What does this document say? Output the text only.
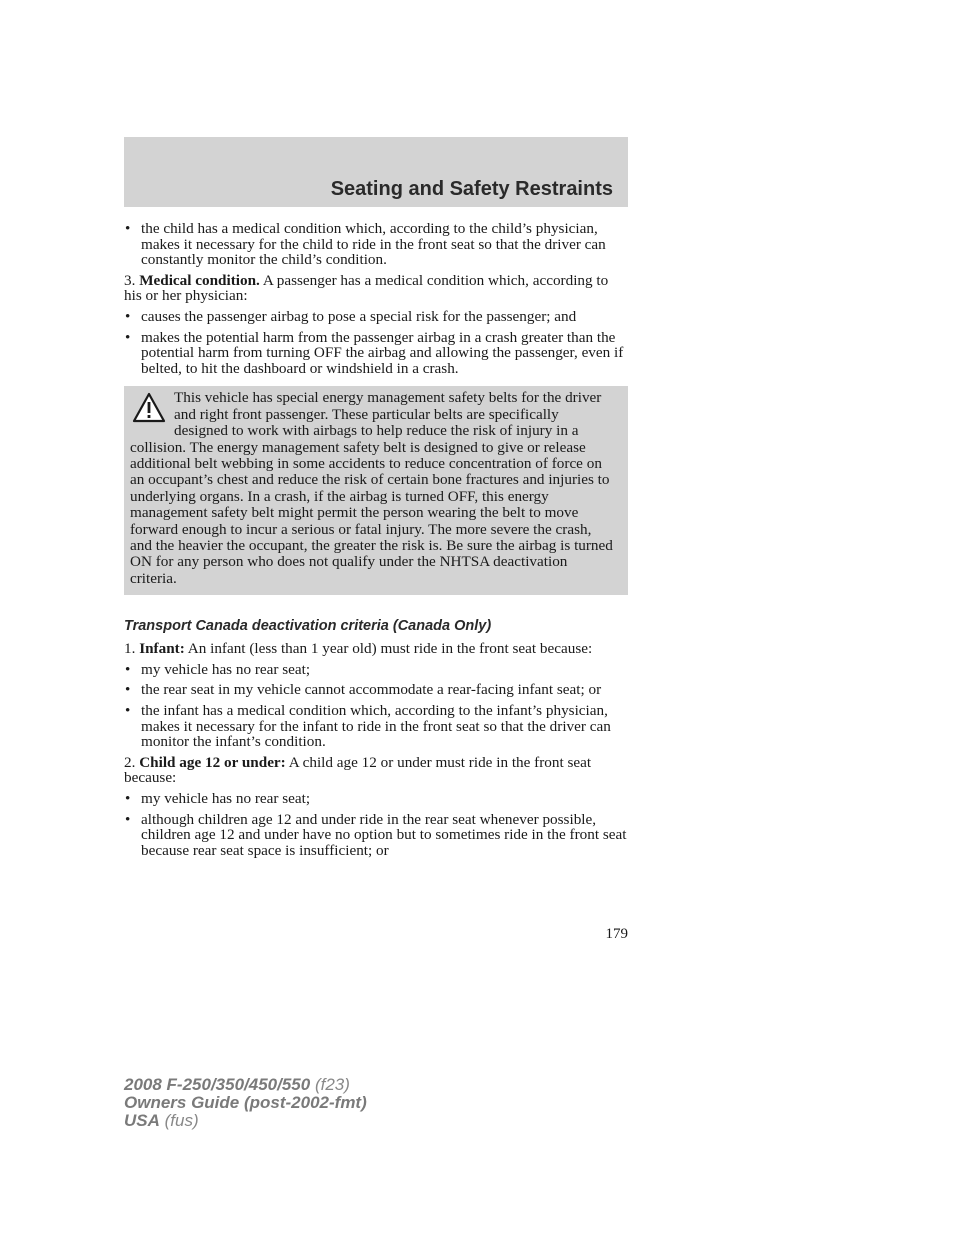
Seating and Safety Restraints
• the child has a medical condition which, according to the child’s physician, makes it necessary for the child to ride in the front seat so that the driver can constantly monitor the child’s condition.
3. Medical condition. A passenger has a medical condition which, according to his or her physician:
• causes the passenger airbag to pose a special risk for the passenger; and
• makes the potential harm from the passenger airbag in a crash greater than the potential harm from turning OFF the airbag and allowing the passenger, even if belted, to hit the dashboard or windshield in a crash.
This vehicle has special energy management safety belts for the driver and right front passenger. These particular belts are specifically designed to work with airbags to help reduce the risk of injury in a collision. The energy management safety belt is designed to give or release additional belt webbing in some accidents to reduce concentration of force on an occupant’s chest and reduce the risk of certain bone fractures and injuries to underlying organs. In a crash, if the airbag is turned OFF, this energy management safety belt might permit the person wearing the belt to move forward enough to incur a serious or fatal injury. The more severe the crash, and the heavier the occupant, the greater the risk is. Be sure the airbag is turned ON for any person who does not qualify under the NHTSA deactivation criteria.
Transport Canada deactivation criteria (Canada Only)
1. Infant: An infant (less than 1 year old) must ride in the front seat because:
• my vehicle has no rear seat;
• the rear seat in my vehicle cannot accommodate a rear-facing infant seat; or
• the infant has a medical condition which, according to the infant’s physician, makes it necessary for the infant to ride in the front seat so that the driver can monitor the infant’s condition.
2. Child age 12 or under: A child age 12 or under must ride in the front seat because:
• my vehicle has no rear seat;
• although children age 12 and under ride in the rear seat whenever possible, children age 12 and under have no option but to sometimes ride in the front seat because rear seat space is insufficient; or
179
2008 F-250/350/450/550 (f23)
Owners Guide (post-2002-fmt)
USA (fus)
